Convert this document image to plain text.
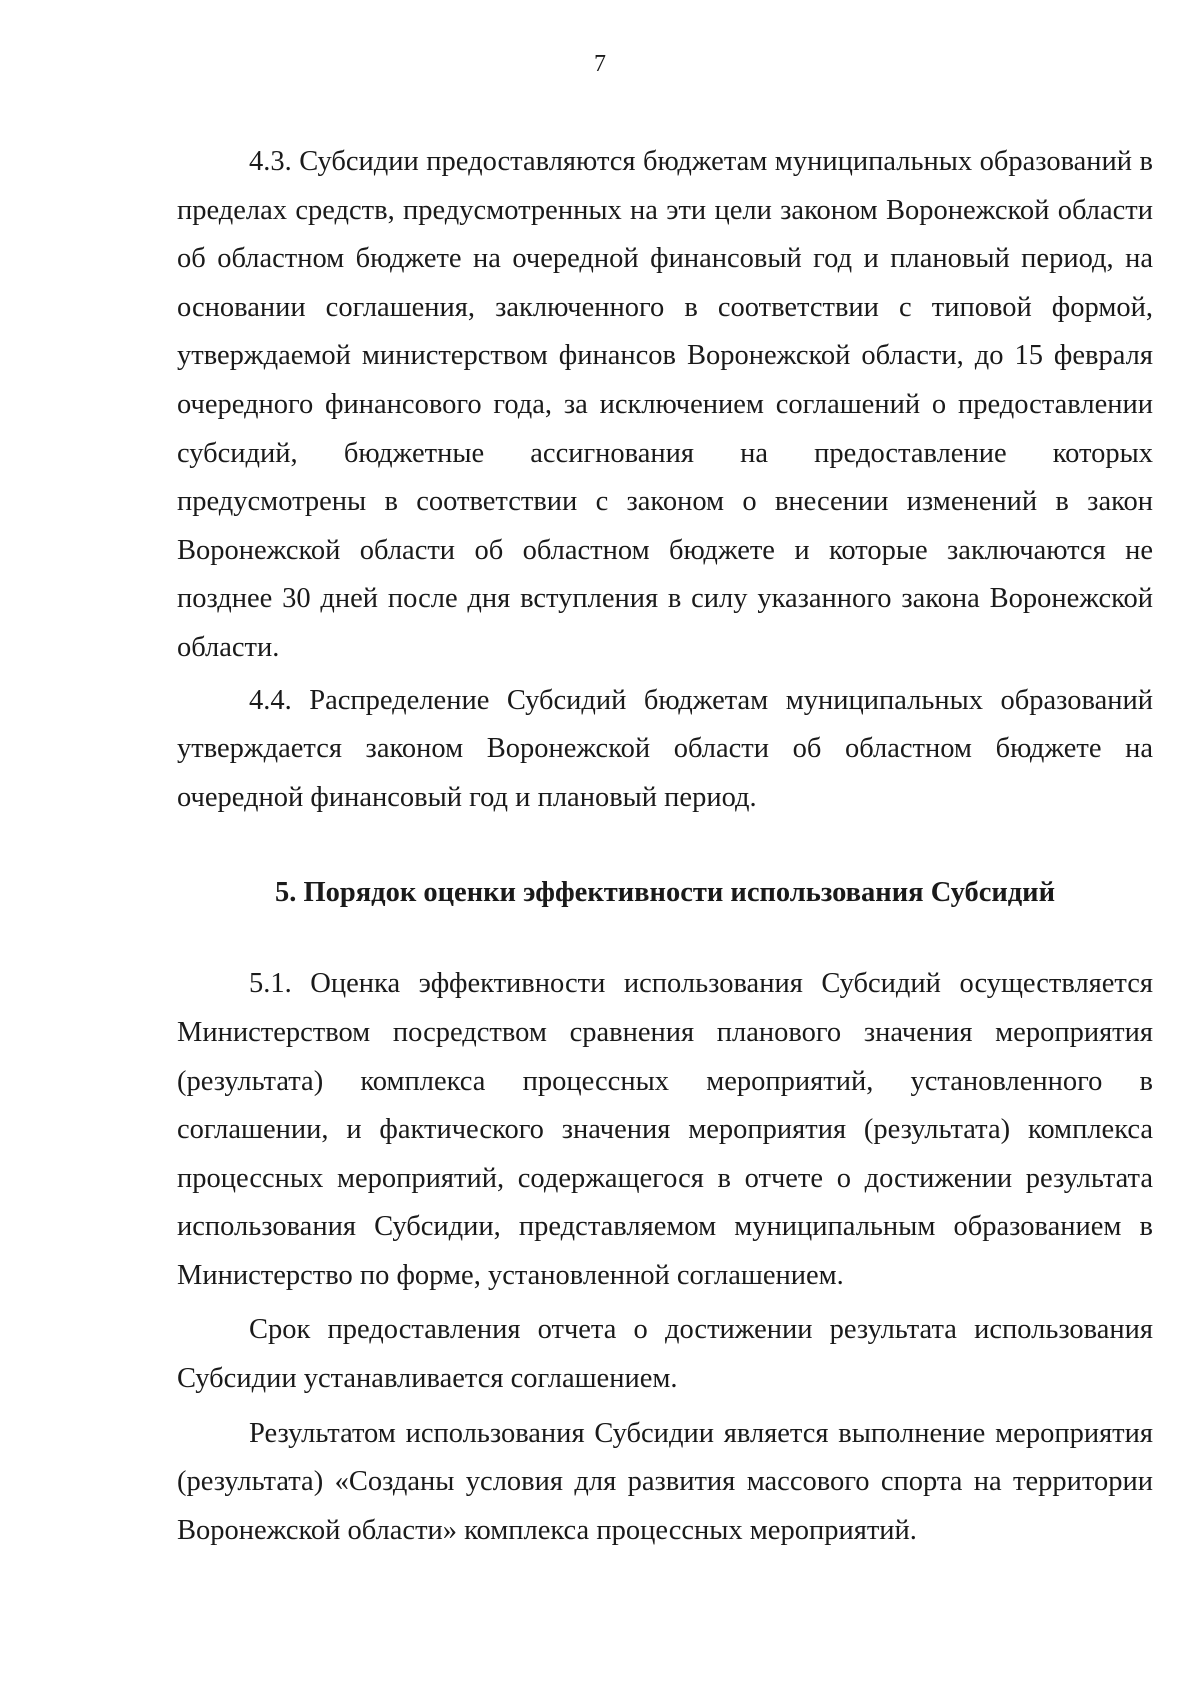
7

4.3. Субсидии предоставляются бюджетам муниципальных образований в пределах средств, предусмотренных на эти цели законом Воронежской области об областном бюджете на очередной финансовый год и плановый период, на основании соглашения, заключенного в соответствии с типовой формой, утверждаемой министерством финансов Воронежской области, до 15 февраля очередного финансового года, за исключением соглашений о предоставлении субсидий, бюджетные ассигнования на предоставление которых предусмотрены в соответствии с законом о внесении изменений в закон Воронежской области об областном бюджете и которые заключаются не позднее 30 дней после дня вступления в силу указанного закона Воронежской области.

4.4. Распределение Субсидий бюджетам муниципальных образований утверждается законом Воронежской области об областном бюджете на очередной финансовый год и плановый период.

5. Порядок оценки эффективности использования Субсидий

5.1. Оценка эффективности использования Субсидий осуществляется Министерством посредством сравнения планового значения мероприятия (результата) комплекса процессных мероприятий, установленного в соглашении, и фактического значения мероприятия (результата) комплекса процессных мероприятий, содержащегося в отчете о достижении результата использования Субсидии, представляемом муниципальным образованием в Министерство по форме, установленной соглашением.

Срок предоставления отчета о достижении результата использования Субсидии устанавливается соглашением.

Результатом использования Субсидии является выполнение мероприятия (результата) «Созданы условия для развития массового спорта на территории Воронежской области» комплекса процессных мероприятий.
